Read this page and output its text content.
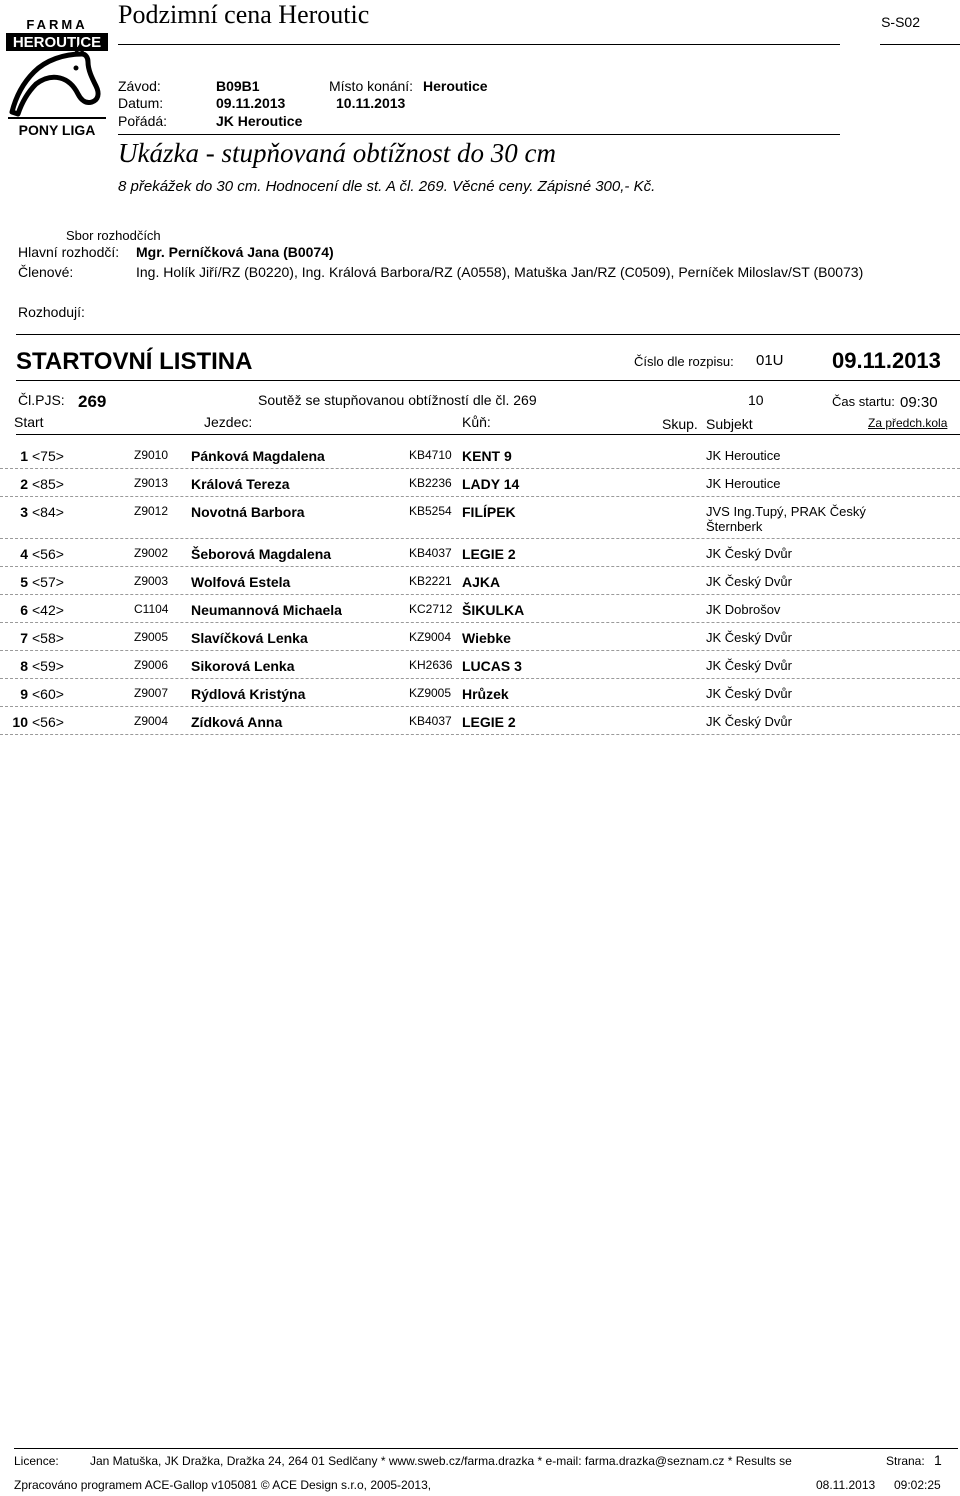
FARMA
HEROUTICE
PONY LIGA
Podzimní cena Heroutic	S-S02
Závod:	B09B1	Místo konání: Heroutice
Datum:	09.11.2013	10.11.2013
Pořádá:	JK Heroutice
Ukázka - stupňovaná obtížnost do 30 cm
8 překážek do 30 cm. Hodnocení dle st. A čl. 269. Věcné ceny. Zápisné 300,- Kč.
Sbor rozhodčích
Hlavní rozhodčí: Mgr. Perníčková Jana (B0074)
Členové:	Ing. Holík Jiří/RZ (B0220), Ing. Králová Barbora/RZ (A0558), Matuška Jan/RZ (C0509), Perníček Miloslav/ST (B0073)
Rozhodují:
STARTOVNÍ LISTINA	Číslo dle rozpisu: 01U 09.11.2013
Čl.PJS: 269	Soutěž se stupňovanou obtížností dle čl. 269	10	Čas startu: 09:30
Start	Jezdec:	Kůň:	Skup. Subjekt	Za předch.kola
1 <75>	Z9010 Pánková Magdalena	KB4710 KENT 9	JK Heroutice
2 <85>	Z9013 Králová Tereza	KB2236 LADY 14	JK Heroutice
3 <84>	Z9012 Novotná Barbora	KB5254 FILÍPEK	JVS Ing.Tupý, PRAK Český
Šternberk
4 <56>	Z9002 Šeborová Magdalena	KB4037 LEGIE 2	JK Český Dvůr
5 <57>	Z9003 Wolfová Estela	KB2221 AJKA	JK Český Dvůr
6 <42>	C1104 Neumannová Michaela	KC2712 ŠIKULKA	JK Dobrošov
7 <58>	Z9005 Slavíčková Lenka	KZ9004 Wiebke	JK Český Dvůr
8 <59>	Z9006 Sikorová Lenka	KH2636 LUCAS 3	JK Český Dvůr
9 <60>	Z9007 Rýdlová Kristýna	KZ9005 Hrůzek	JK Český Dvůr
10 <56>	Z9004 Zídková Anna	KB4037 LEGIE 2	JK Český Dvůr
Licence:	Jan Matuška, JK Dražka, Dražka 24, 264 01 Sedlčany * www.sweb.cz/farma.drazka * e-mail: farma.drazka@seznam.cz * Results se	Strana: 1
Zpracováno programem ACE-Gallop v105081 © ACE Design s.r.o, 2005-2013,	08.11.2013 09:02:25
